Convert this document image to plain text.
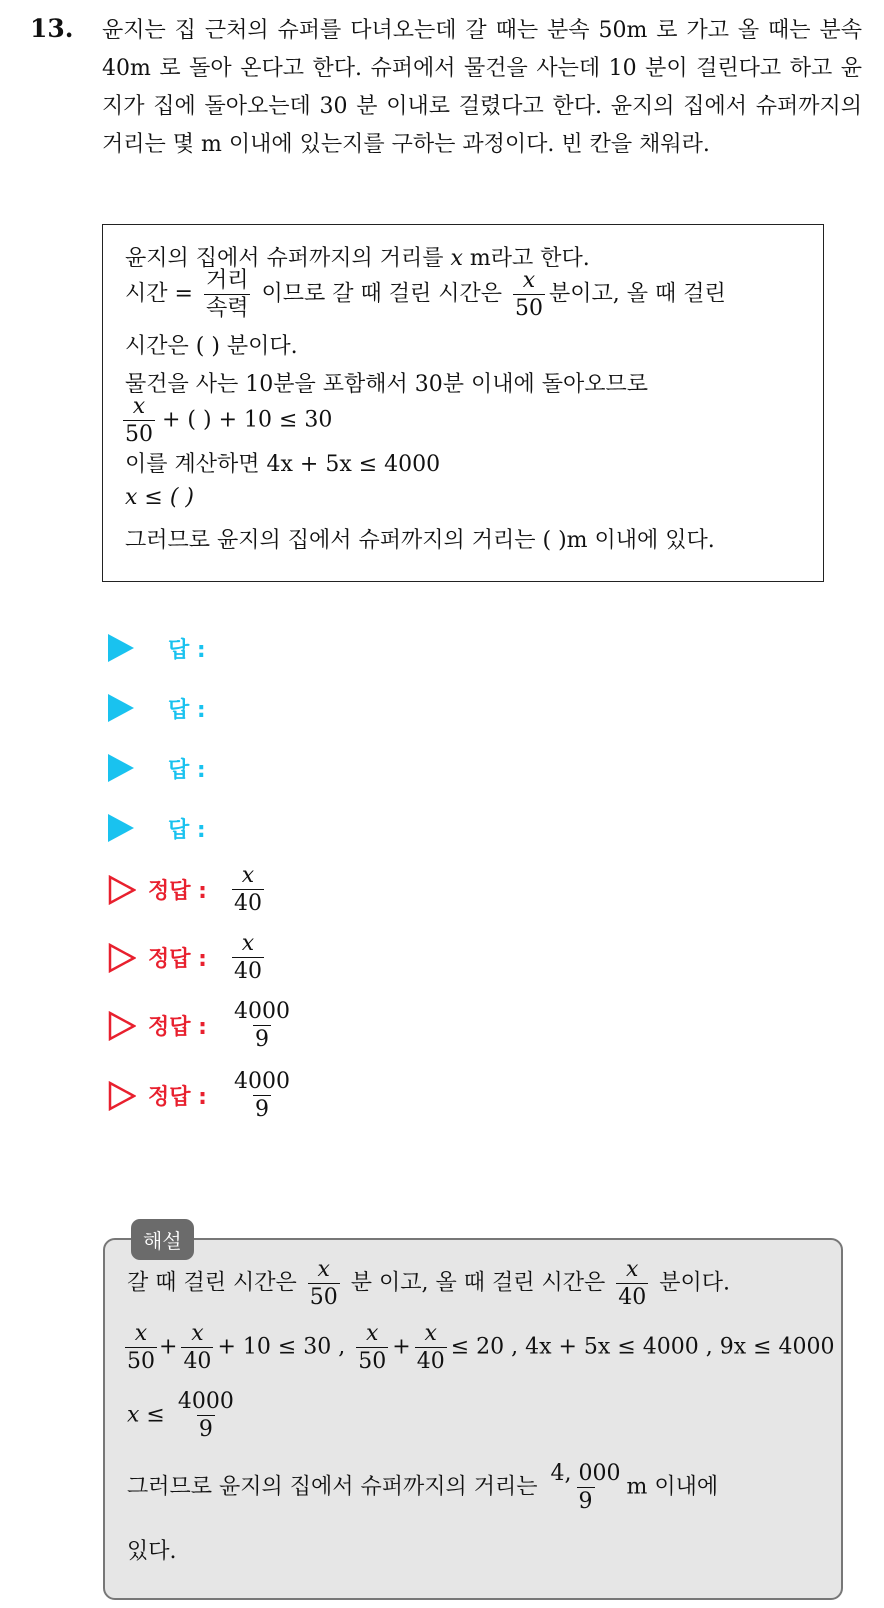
13. 윤지는 집 근처의 슈퍼를 다녀오는데 갈 때는 분속 50m 로 가고 올 때는 분속 40m 로 돌아 온다고 한다. 슈퍼에서 물건을 사는데 10 분이 걸린다고 하고 윤지가 집에 돌아오는데 30 분 이내로 걸렸다고 한다. 윤지의 집에서 슈퍼까지의 거리는 몇 m 이내에 있는지를 구하는 과정이다. 빈 칸을 채워라.
윤지의 집에서 슈퍼까지의 거리를 x m라고 한다.
시간 = $\frac{\text{거리}}{\text{속력}}$ 이므로 갈 때 걸린 시간은 $\frac{x}{50}$ 분이고, 올 때 걸린
시간은 ( ) 분이다.
물건을 사는 10분을 포함해서 30분 이내에 돌아오므로
$\frac{x}{50}$ + ( ) + 10 ≤ 30
이를 계산하면 4x + 5x ≤ 4000
x ≤ ( )
그러므로 윤지의 집에서 슈퍼까지의 거리는 ( )m 이내에 있다.
답 :
답 :
답 :
답 :
정답 :	$\frac{x}{40}$
정답 :	$\frac{x}{40}$
정답 :	$\frac{4000}{9}$
정답 :	$\frac{4000}{9}$
갈 때 걸린 시간은 $\frac{x}{50}$ 분 이고, 올 때 걸린 시간은 $\frac{x}{40}$ 분이다.
$\frac{x}{50} + \frac{x}{40} + 10 \le 30$ , $\frac{x}{50} + \frac{x}{40} \le 20$ , 4x + 5x ≤ 4000 , 9x ≤ 4000
$x \le \frac{4000}{9}$
그러므로 윤지의 집에서 슈퍼까지의 거리는 $\frac{4, 000}{9}$ m 이내에
있다.
해설
